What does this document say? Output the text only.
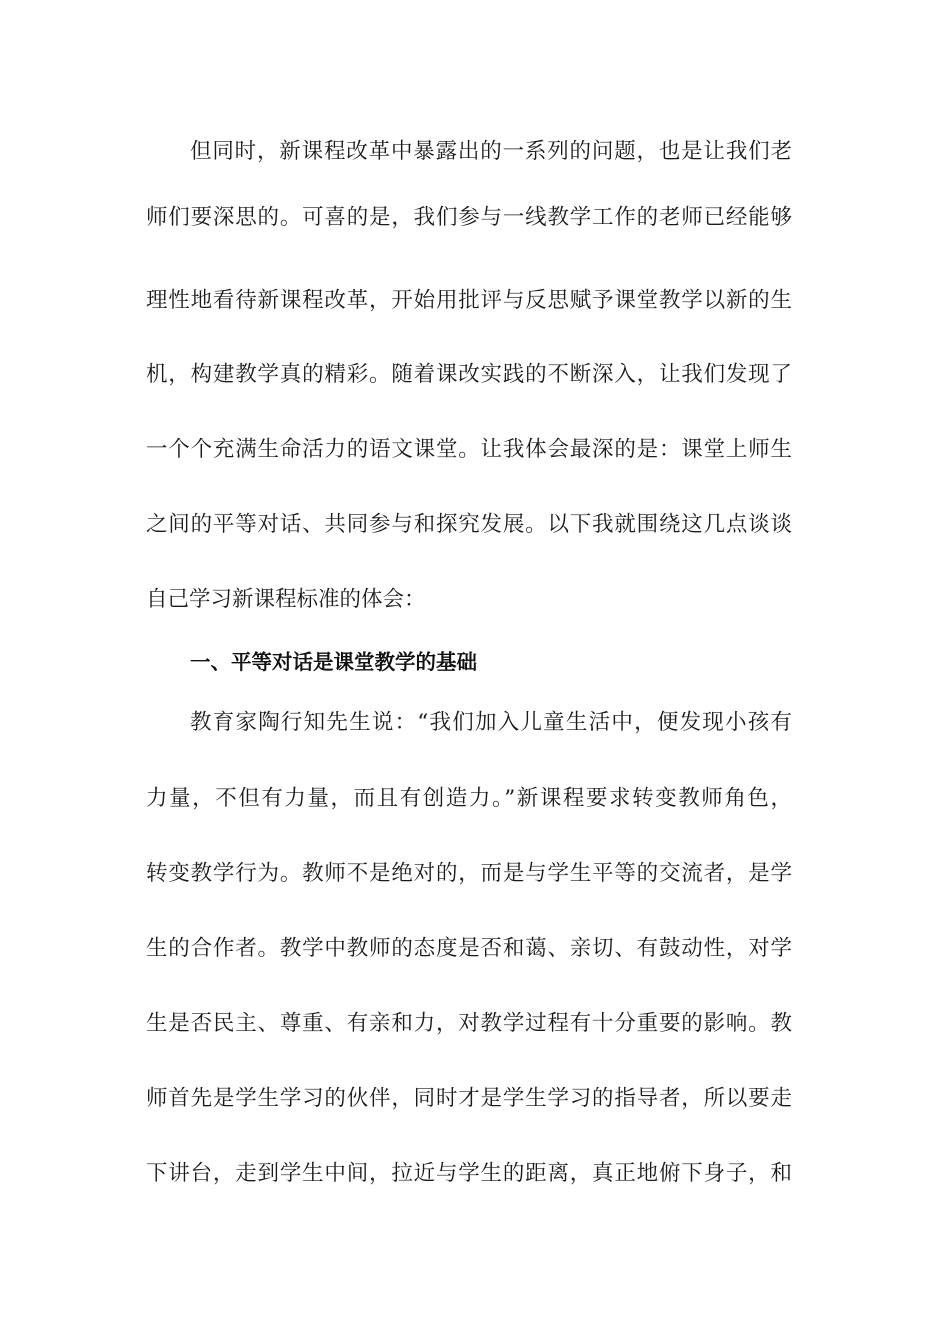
但同时，新课程改革中暴露出的一系列的问题，也是让我们老
师们要深思的。可喜的是，我们参与一线教学工作的老师已经能够
理性地看待新课程改革，开始用批评与反思赋予课堂教学以新的生
机，构建教学真的精彩。随着课改实践的不断深入，让我们发现了
一个个充满生命活力的语文课堂。让我体会最深的是：课堂上师生
之间的平等对话、共同参与和探究发展。以下我就围绕这几点谈谈
自己学习新课程标准的体会：
一、平等对话是课堂教学的基础
教育家陶行知先生说：“我们加入儿童生活中，便发现小孩有
力量，不但有力量，而且有创造力。”新课程要求转变教师角色，
转变教学行为。教师不是绝对的，而是与学生平等的交流者，是学
生的合作者。教学中教师的态度是否和蔼、亲切、有鼓动性，对学
生是否民主、尊重、有亲和力，对教学过程有十分重要的影响。教
师首先是学生学习的伙伴，同时才是学生学习的指导者，所以要走
下讲台，走到学生中间，拉近与学生的距离，真正地俯下身子，和
